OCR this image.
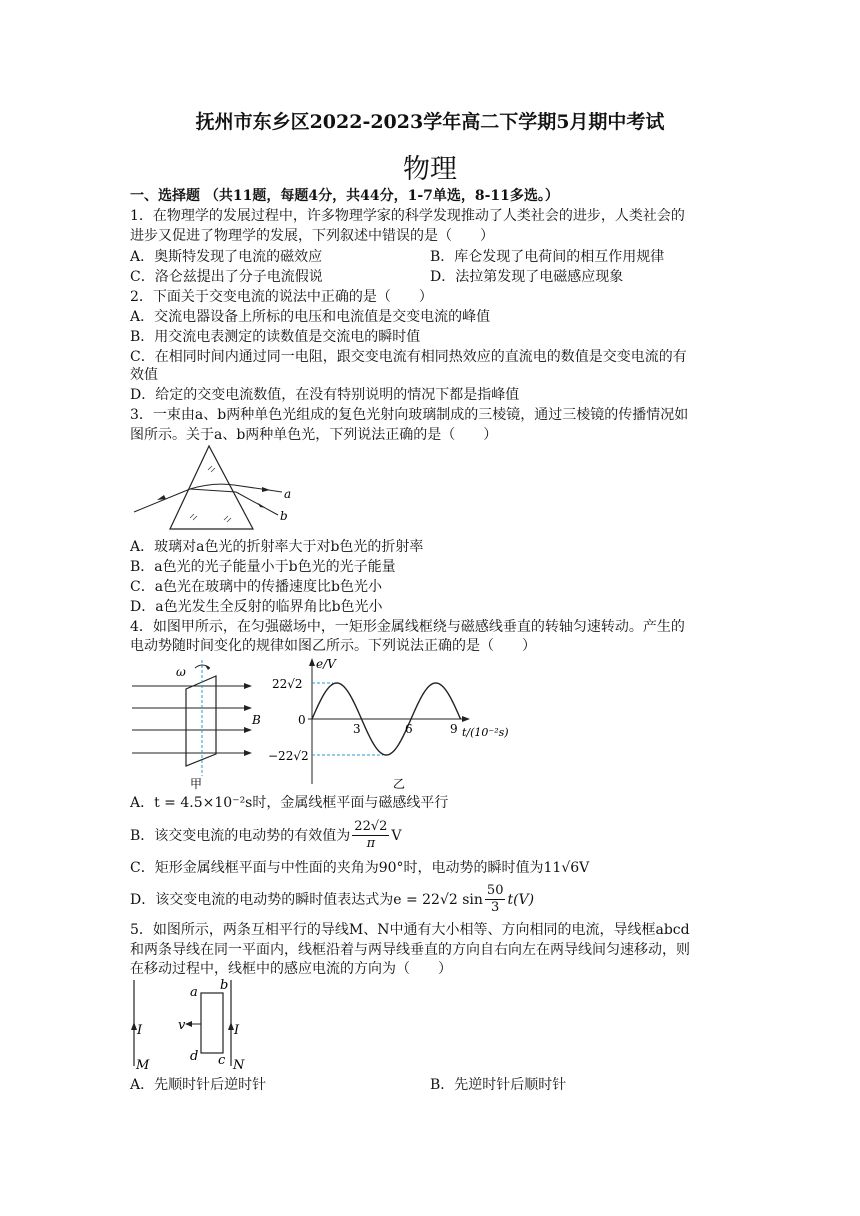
抚州市东乡区2022-2023学年高二下学期5月期中考试
物理
一、选择题 （共11题，每题4分，共44分，1-7单选，8-11多选。）
1．在物理学的发展过程中，许多物理学家的科学发现推动了人类社会的进步，人类社会的
进步又促进了物理学的发展，下列叙述中错误的是（　　）
A．奥斯特发现了电流的磁效应	B．库仑发现了电荷间的相互作用规律
C．洛仑兹提出了分子电流假说	D．法拉第发现了电磁感应现象
2．下面关于交变电流的说法中正确的是（　　）
A．交流电器设备上所标的电压和电流值是交变电流的峰值
B．用交流电表测定的读数值是交流电的瞬时值
C．在相同时间内通过同一电阻，跟交变电流有相同热效应的直流电的数值是交变电流的有
效值
D．给定的交变电流数值，在没有特别说明的情况下都是指峰值
3．一束由a、b两种单色光组成的复色光射向玻璃制成的三棱镜，通过三棱镜的传播情况如
图所示。关于a、b两种单色光，下列说法正确的是（　　）
a
b
A．玻璃对a色光的折射率大于对b色光的折射率
B．a色光的光子能量小于b色光的光子能量
C．a色光在玻璃中的传播速度比b色光小
D．a色光发生全反射的临界角比b色光小
4．如图甲所示，在匀强磁场中，一矩形金属线框绕与磁感线垂直的转轴匀速转动。产生的
电动势随时间变化的规律如图乙所示。下列说法正确的是（　　）
ω
B
甲
e/V
22√2
0
−22√2
3	6	9 t/(10⁻²s)
乙
A．t = 4.5×10⁻²s时，金属线框平面与磁感线平行
B．该交变电流的电动势的有效值为 $\frac{22√2}{\pi}$ V
C．矩形金属线框平面与中性面的夹角为90°时，电动势的瞬时值为11√6V
D．该交变电流的电动势的瞬时值表达式为e = 22√2 $\sin \frac{50}{3} t(V)$
5．如图所示，两条互相平行的导线M、N中通有大小相等、方向相同的电流，导线框abcd
和两条导线在同一平面内，线框沿着与两导线垂直的方向自右向左在两导线间匀速移动，则
在移动过程中，线框中的感应电流的方向为（　　）
I	I
M	N
a b
c
d
v
A．先顺时针后逆时针	B．先逆时针后顺时针
